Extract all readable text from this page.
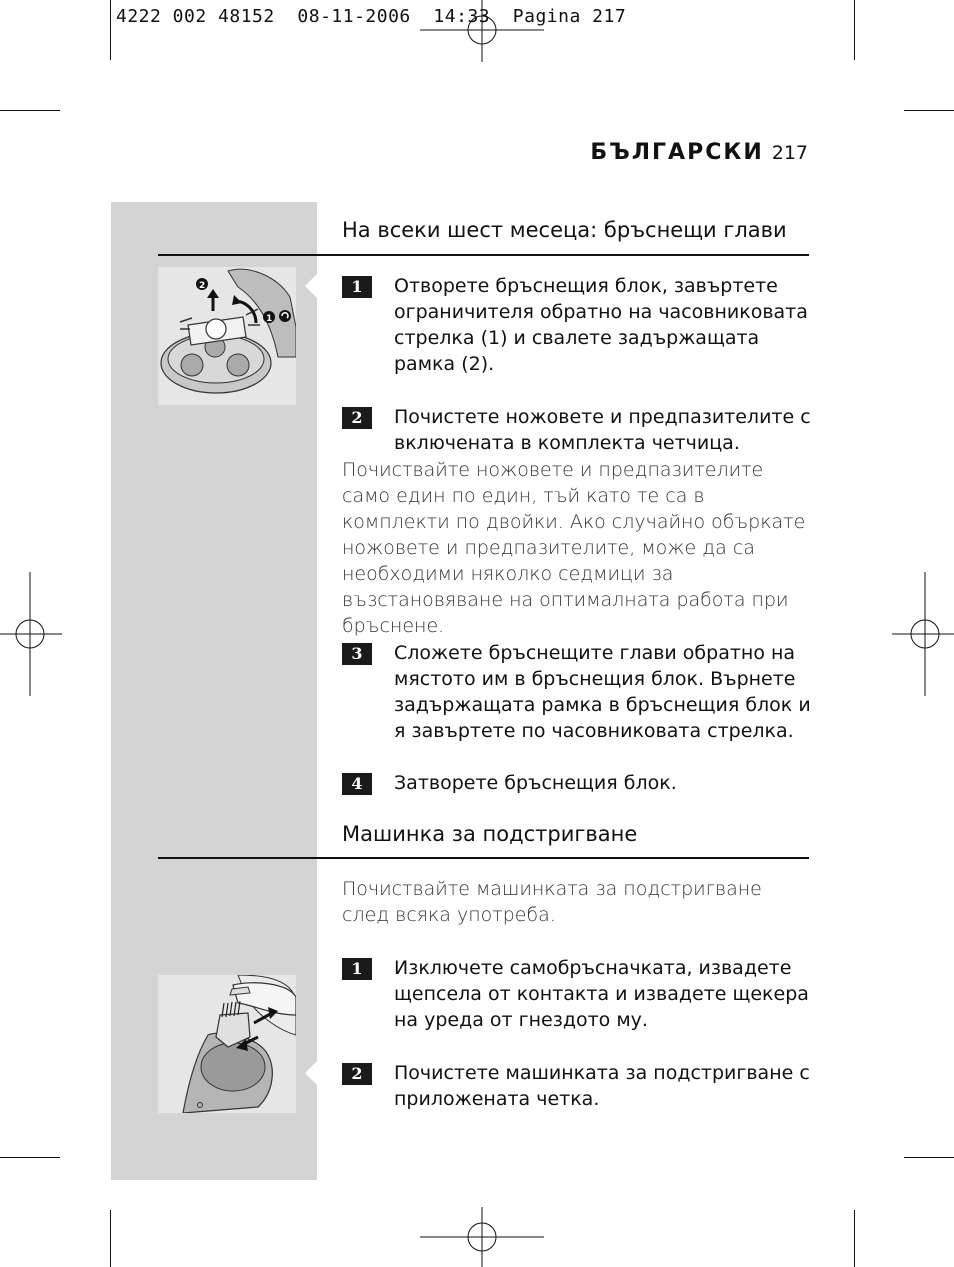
4222 002 48152  08-11-2006  14:33  Pagina 217
БЪЛГАРСКИ 217
На всеки шест месеца: бръснещи глави
2
1
1	Отворете бръснещия блок, завъртете ограничителя обратно на часовниковата стрелка (1) и свалете задържащата рамка (2).
2	Почистете ножовете и предпазителите с включената в комплекта четчица.
Почиствайте ножовете и предпазителите само един по един, тъй като те са в комплекти по двойки. Ако случайно объркате ножовете и предпазителите, може да са необходими няколко седмици за възстановяване на оптималната работа при бръснене.
3	Сложете бръснещите глави обратно на мястото им в бръснещия блок. Върнете задържащата рамка в бръснещия блок и я завъртете по часовниковата стрелка.
4	Затворете бръснещия блок.
Машинка за подстригване
Почиствайте машинката за подстригване след всяка употреба.
1	Изключете самобръсначката, извадете щепсела от контакта и извадете щекера на уреда от гнездото му.
2	Почистете машинката за подстригване с приложената четка.
